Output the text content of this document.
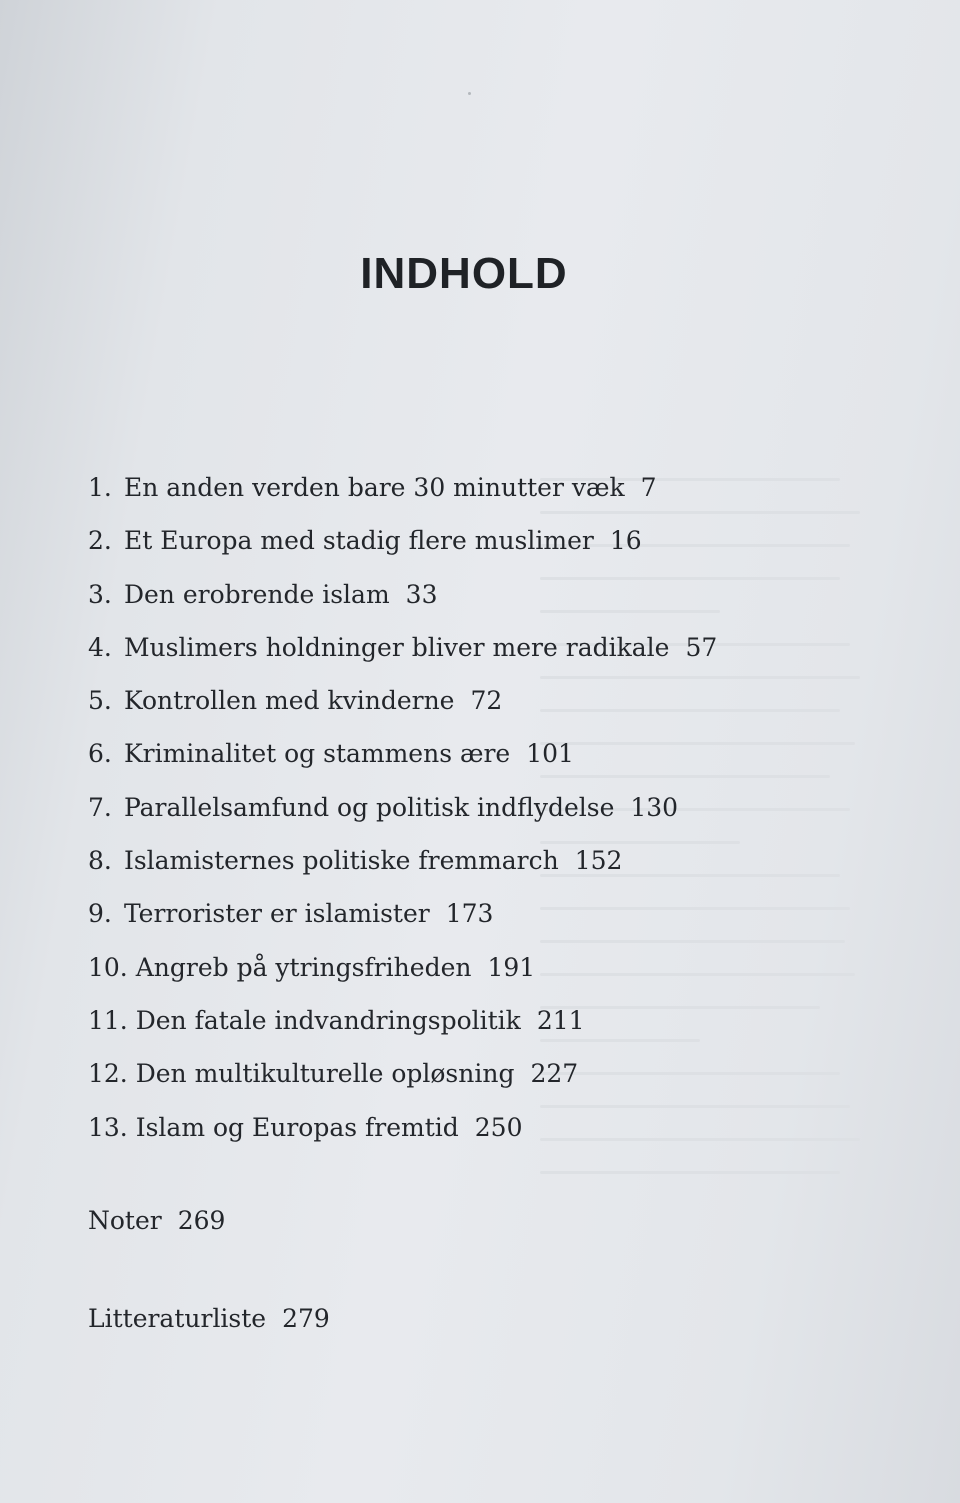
INDHOLD
1. En anden verden bare 30 minutter væk 7
2. Et Europa med stadig flere muslimer 16
3. Den erobrende islam 33
4. Muslimers holdninger bliver mere radikale 57
5. Kontrollen med kvinderne 72
6. Kriminalitet og stammens ære 101
7. Parallelsamfund og politisk indflydelse 130
8. Islamisternes politiske fremmarch 152
9. Terrorister er islamister 173
10. Angreb på ytringsfriheden 191
11. Den fatale indvandringspolitik 211
12. Den multikulturelle opløsning 227
13. Islam og Europas fremtid 250
Noter 269
Litteraturliste 279
